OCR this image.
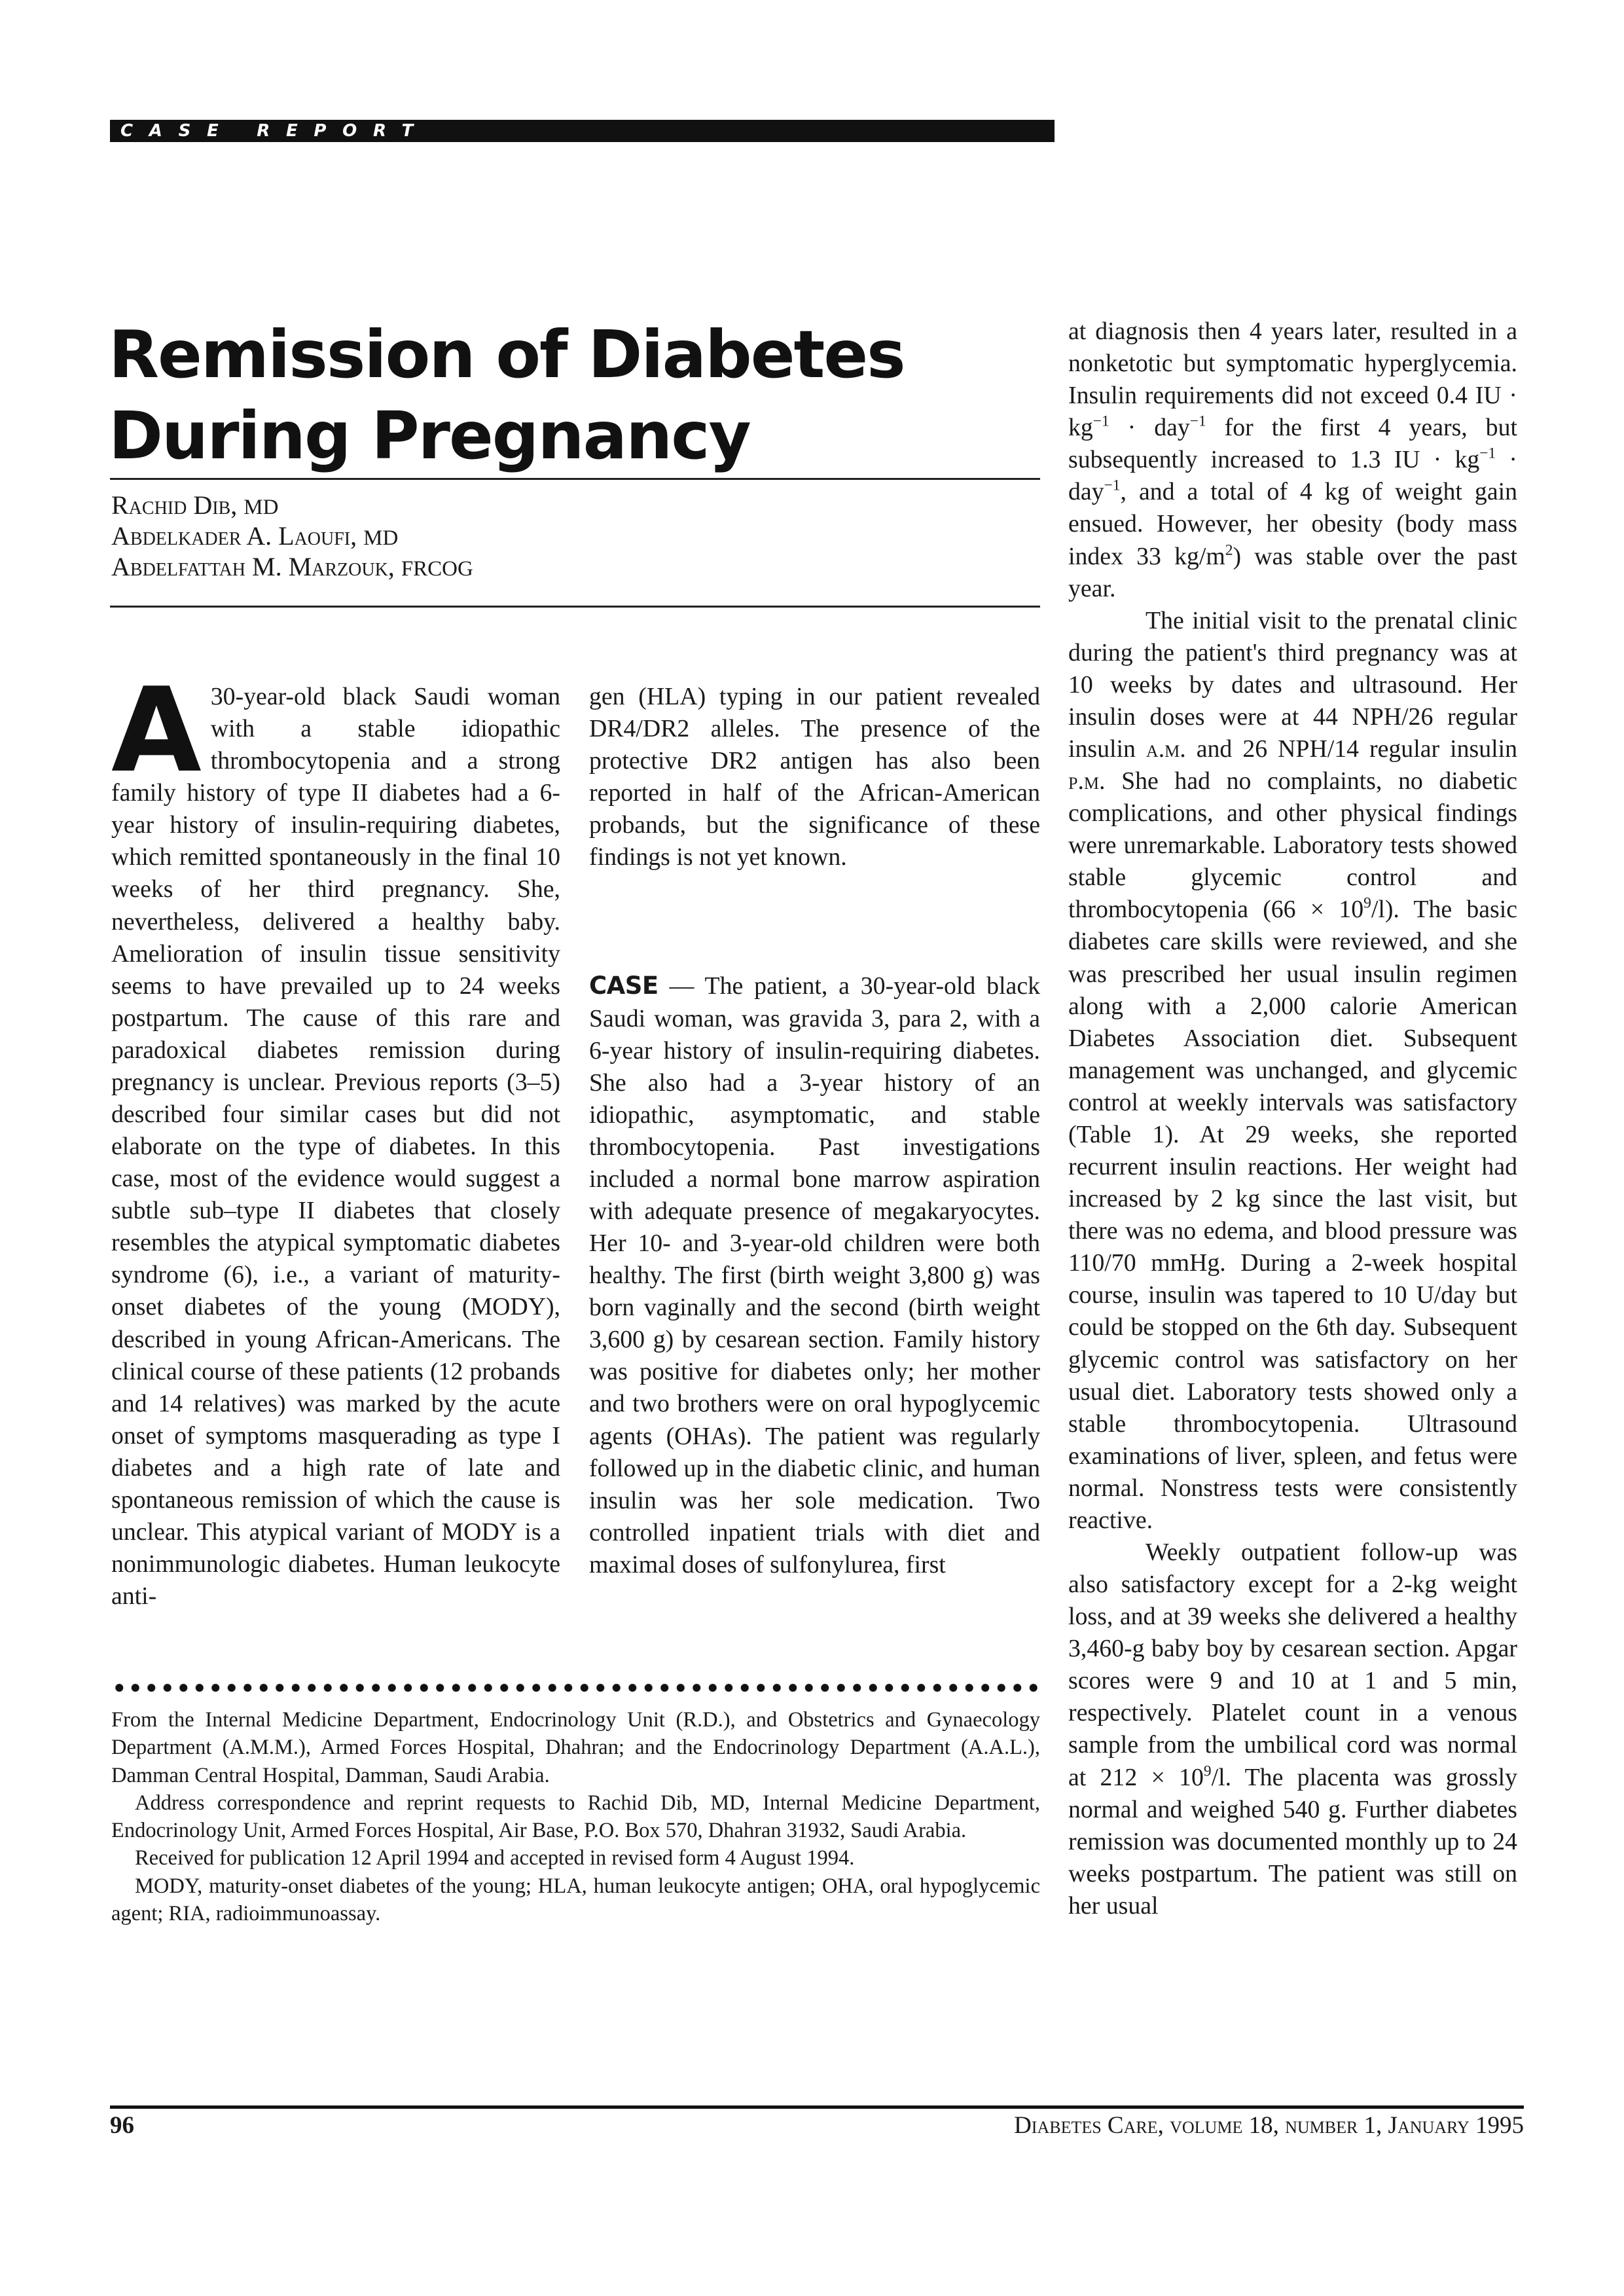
CASE REPORT
Remission of Diabetes
During Pregnancy
Rachid Dib, MD
Abdelkader A. Laoufi, MD
Abdelfattah M. Marzouk, FRCOG

A 30-year-old black Saudi woman with a stable idiopathic thrombocytopenia and a strong family history of type II diabetes had a 6-year history of insulin-requiring diabetes, which remitted spontaneously in the final 10 weeks of her third pregnancy. She, nevertheless, delivered a healthy baby. Amelioration of insulin tissue sensitivity seems to have prevailed up to 24 weeks postpartum. The cause of this rare and paradoxical diabetes remission during pregnancy is unclear. Previous reports (3–5) described four similar cases but did not elaborate on the type of diabetes. In this case, most of the evidence would suggest a subtle sub–type II diabetes that closely resembles the atypical symptomatic diabetes syndrome (6), i.e., a variant of maturity-onset diabetes of the young (MODY), described in young African-Americans. The clinical course of these patients (12 probands and 14 relatives) was marked by the acute onset of symptoms masquerading as type I diabetes and a high rate of late and spontaneous remission of which the cause is unclear. This atypical variant of MODY is a nonimmunologic diabetes. Human leukocyte anti-

gen (HLA) typing in our patient revealed DR4/DR2 alleles. The presence of the protective DR2 antigen has also been reported in half of the African-American probands, but the significance of these findings is not yet known.

CASE — The patient, a 30-year-old black Saudi woman, was gravida 3, para 2, with a 6-year history of insulin-requiring diabetes. She also had a 3-year history of an idiopathic, asymptomatic, and stable thrombocytopenia. Past investigations included a normal bone marrow aspiration with adequate presence of megakaryocytes. Her 10- and 3-year-old children were both healthy. The first (birth weight 3,800 g) was born vaginally and the second (birth weight 3,600 g) by cesarean section. Family history was positive for diabetes only; her mother and two brothers were on oral hypoglycemic agents (OHAs). The patient was regularly followed up in the diabetic clinic, and human insulin was her sole medication. Two controlled inpatient trials with diet and maximal doses of sulfonylurea, first

at diagnosis then 4 years later, resulted in a nonketotic but symptomatic hyperglycemia. Insulin requirements did not exceed 0.4 IU · $kg^{-1} \cdot day^{-1}$ for the first 4 years, but subsequently increased to 1.3 IU · $kg^{-1} \cdot day^{-1}$, and a total of 4 kg of weight gain ensued. However, her obesity (body mass index 33 $kg/m^2$) was stable over the past year.

The initial visit to the prenatal clinic during the patient's third pregnancy was at 10 weeks by dates and ultrasound. Her insulin doses were at 44 NPH/26 regular insulin a.m. and 26 NPH/14 regular insulin p.m. She had no complaints, no diabetic complications, and other physical findings were unremarkable. Laboratory tests showed stable glycemic control and thrombocytopenia $(66 \times 10^9/l)$. The basic diabetes care skills were reviewed, and she was prescribed her usual insulin regimen along with a 2,000 calorie American Diabetes Association diet. Subsequent management was unchanged, and glycemic control at weekly intervals was satisfactory (Table 1). At 29 weeks, she reported recurrent insulin reactions. Her weight had increased by 2 kg since the last visit, but there was no edema, and blood pressure was 110/70 mmHg. During a 2-week hospital course, insulin was tapered to 10 U/day but could be stopped on the 6th day. Subsequent glycemic control was satisfactory on her usual diet. Laboratory tests showed only a stable thrombocytopenia. Ultrasound examinations of liver, spleen, and fetus were normal. Nonstress tests were consistently reactive.

Weekly outpatient follow-up was also satisfactory except for a 2-kg weight loss, and at 39 weeks she delivered a healthy 3,460-g baby boy by cesarean section. Apgar scores were 9 and 10 at 1 and 5 min, respectively. Platelet count in a venous sample from the umbilical cord was normal at $212 \times 10^9/l$. The placenta was grossly normal and weighed 540 g. Further diabetes remission was documented monthly up to 24 weeks postpartum. The patient was still on her usual

From the Internal Medicine Department, Endocrinology Unit (R.D.), and Obstetrics and Gynaecology Department (A.M.M.), Armed Forces Hospital, Dhahran; and the Endocrinology Department (A.A.L.), Damman Central Hospital, Damman, Saudi Arabia.

Address correspondence and reprint requests to Rachid Dib, MD, Internal Medicine Department, Endocrinology Unit, Armed Forces Hospital, Air Base, P.O. Box 570, Dhahran 31932, Saudi Arabia.

Received for publication 12 April 1994 and accepted in revised form 4 August 1994.

MODY, maturity-onset diabetes of the young; HLA, human leukocyte antigen; OHA, oral hypoglycemic agent; RIA, radioimmunoassay.

96	Diabetes Care, volume 18, number 1, January 1995
